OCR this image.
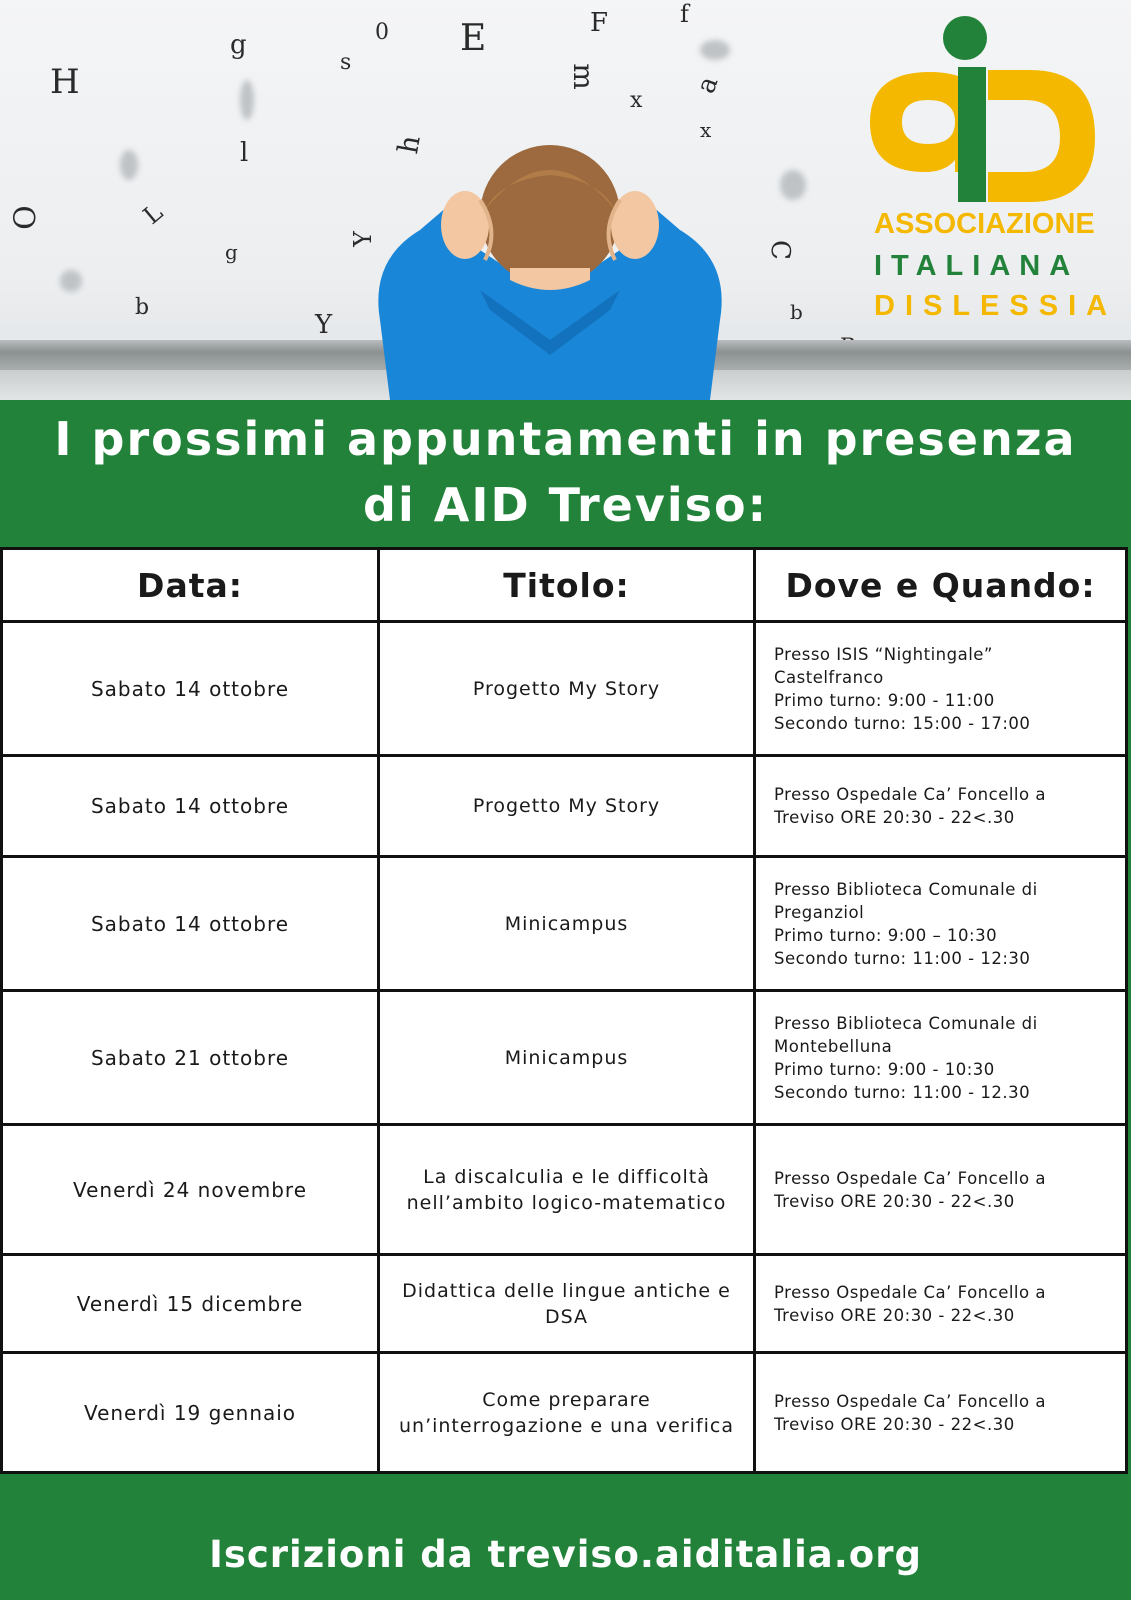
H
g
s
0 E	F	f
m
x
a
x
l	h
O	L
g
Y
C
b
Y	b
ASSOCIAZIONE
ITALIANA
DISLESSIA
I prossimi appuntamenti in presenza
di AID Treviso:
Data:	Titolo:	Dove e Quando:
Sabato 14 ottobre	Progetto My Story	Presso ISIS “Nightingale”
Castelfranco
Primo turno: 9:00 - 11:00
Secondo turno: 15:00 - 17:00

Sabato 14 ottobre	Progetto My Story	Presso Ospedale Ca’ Foncello a
Treviso ORE 20:30 - 22<.30

Sabato 14 ottobre	Minicampus	Presso Biblioteca Comunale di
Preganziol
Primo turno: 9:00 – 10:30
Secondo turno: 11:00 - 12:30

Sabato 21 ottobre	Minicampus	Presso Biblioteca Comunale di
Montebelluna
Primo turno: 9:00 - 10:30
Secondo turno: 11:00 - 12.30

Venerdì 24 novembre	La discalculia e le difficoltà nell’ambito logico-matematico	Presso Ospedale Ca’ Foncello a
Treviso ORE 20:30 - 22<.30

Venerdì 15 dicembre	Didattica delle lingue antiche e DSA	Presso Ospedale Ca’ Foncello a
Treviso ORE 20:30 - 22<.30

Venerdì 19 gennaio	Come preparare un’interrogazione e una verifica	Presso Ospedale Ca’ Foncello a
Treviso ORE 20:30 - 22<.30
Iscrizioni da treviso.aiditalia.org
